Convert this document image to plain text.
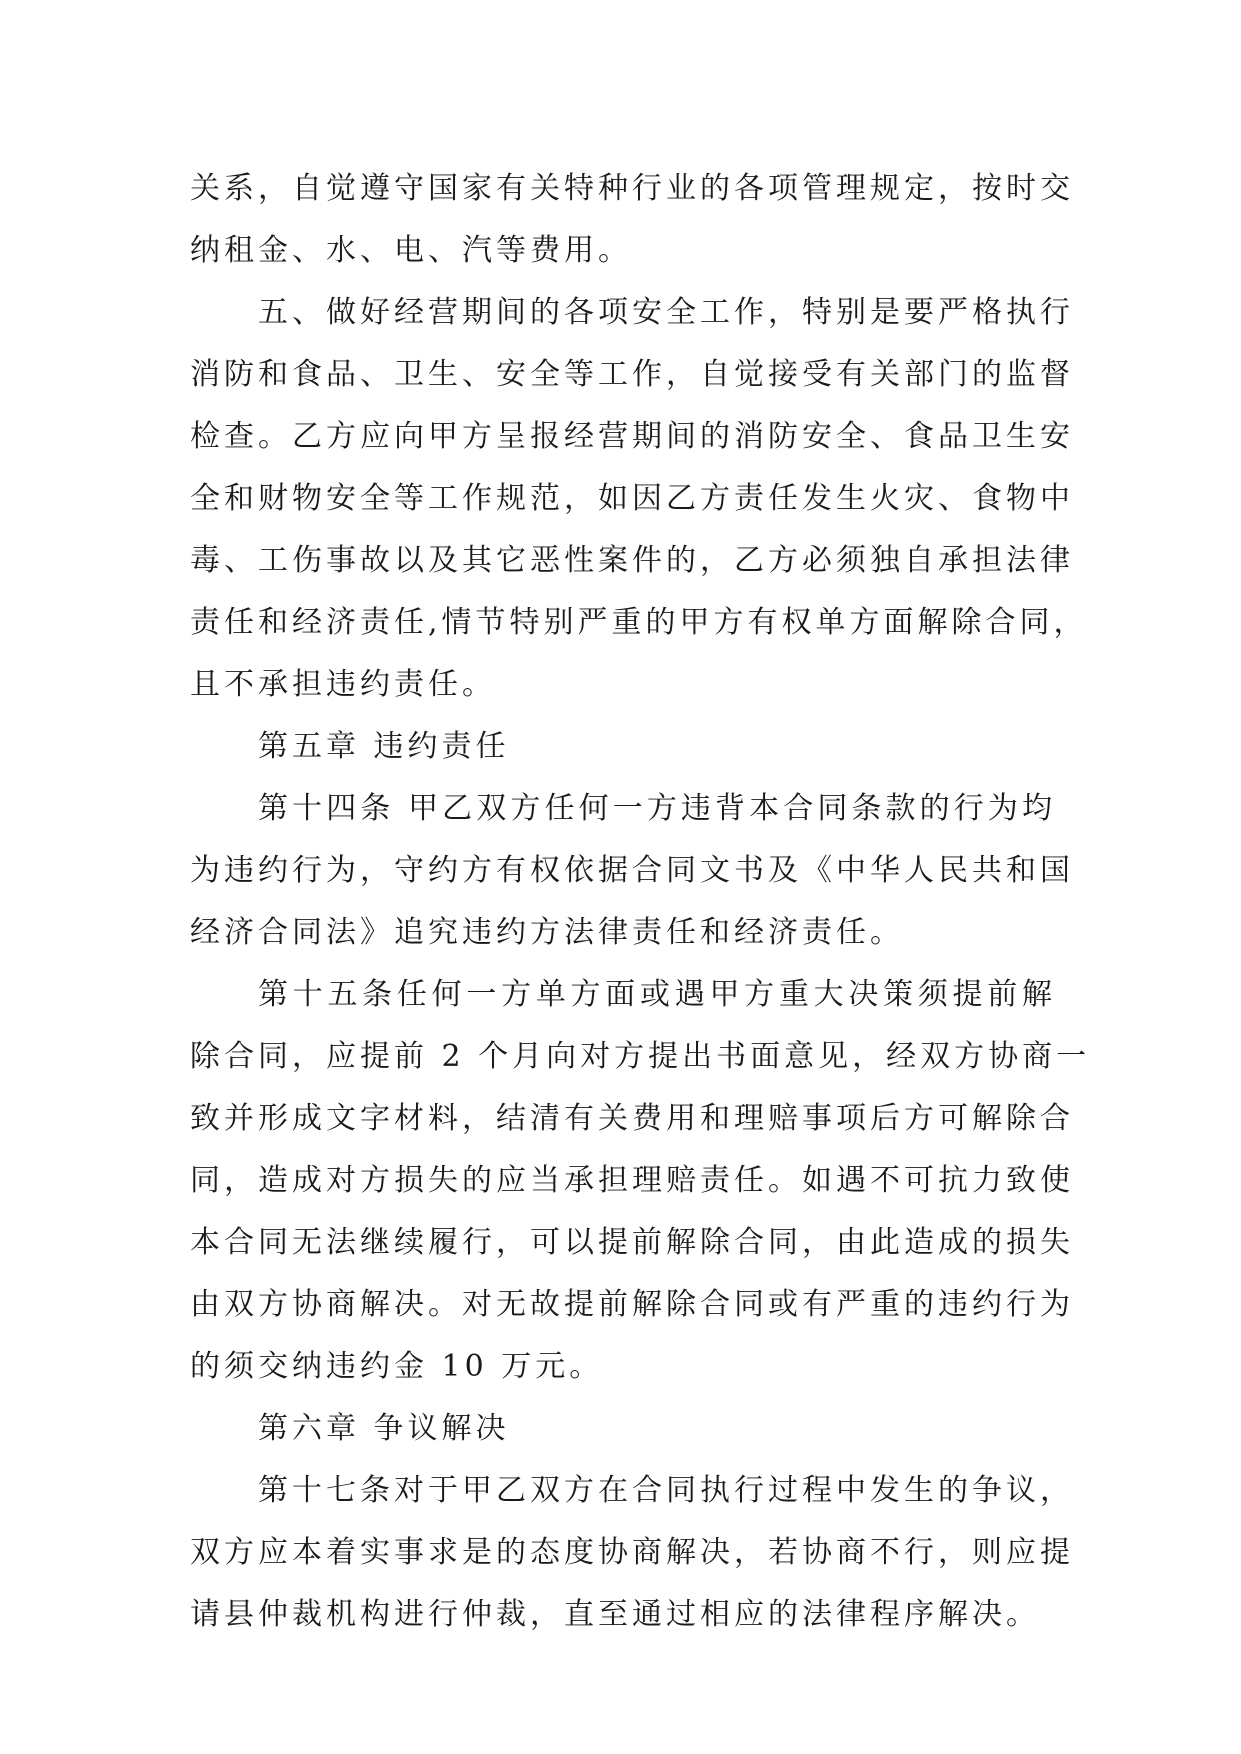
关系，自觉遵守国家有关特种行业的各项管理规定，按时交
纳租金、水、电、汽等费用。
五、做好经营期间的各项安全工作，特别是要严格执行
消防和食品、卫生、安全等工作，自觉接受有关部门的监督
检查。乙方应向甲方呈报经营期间的消防安全、食品卫生安
全和财物安全等工作规范，如因乙方责任发生火灾、食物中
毒、工伤事故以及其它恶性案件的，乙方必须独自承担法律
责任和经济责任,情节特别严重的甲方有权单方面解除合同，
且不承担违约责任。
第五章 违约责任
第十四条 甲乙双方任何一方违背本合同条款的行为均
为违约行为，守约方有权依据合同文书及《中华人民共和国
经济合同法》追究违约方法律责任和经济责任。
第十五条任何一方单方面或遇甲方重大决策须提前解
除合同，应提前 2 个月向对方提出书面意见，经双方协商一
致并形成文字材料，结清有关费用和理赔事项后方可解除合
同，造成对方损失的应当承担理赔责任。如遇不可抗力致使
本合同无法继续履行，可以提前解除合同，由此造成的损失
由双方协商解决。对无故提前解除合同或有严重的违约行为
的须交纳违约金 10 万元。
第六章 争议解决
第十七条对于甲乙双方在合同执行过程中发生的争议，
双方应本着实事求是的态度协商解决，若协商不行，则应提
请县仲裁机构进行仲裁，直至通过相应的法律程序解决。
